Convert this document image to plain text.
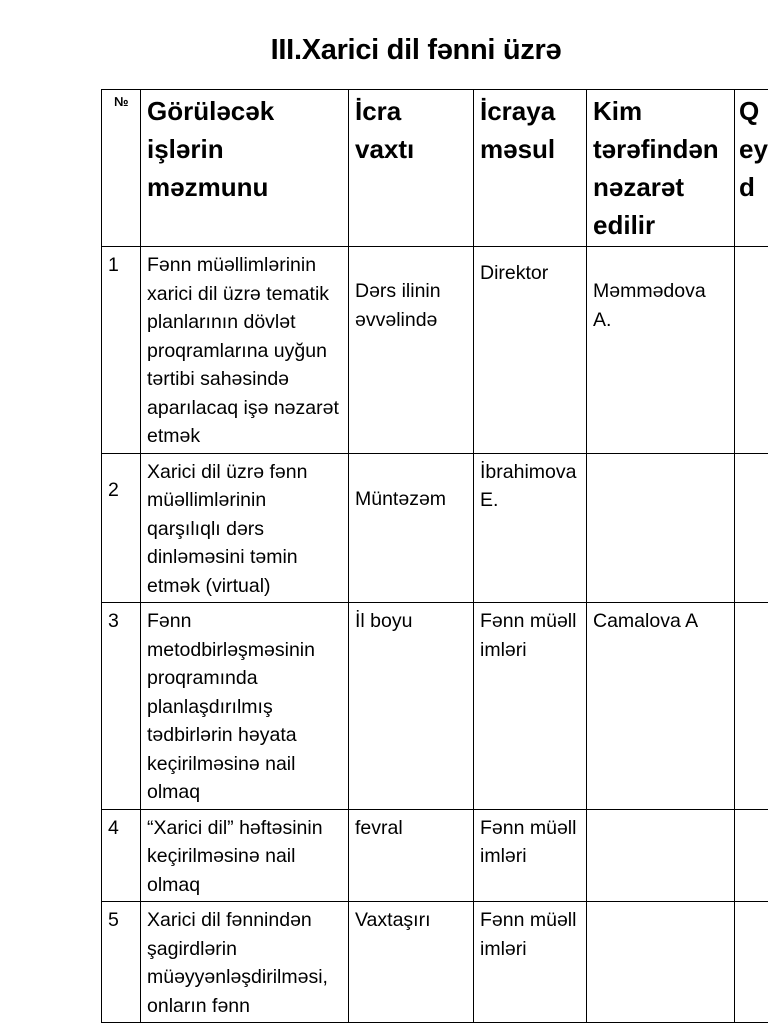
III.Xarici dil fənni üzrə
№	Görüləcək işlərin məzmunu	İcra vaxtı	İcraya məsul	Kim tərəfindən nəzarət edilir	Qeyd
1	Fənn müəllimlərinin xarici dil üzrə tematik planlarının dövlət proqramlarına uyğun tərtibi sahəsində aparılacaq işə nəzarət etmək	Dərs ilinin əvvəlində	Direktor	Məmmədova A.	
2	Xarici dil üzrə fənn müəllimlərinin qarşılıqlı dərs dinləməsini təmin etmək (virtual)	Müntəzəm	İbrahimova E.		
3	Fənn metodbirləşməsinin proqramında planlaşdırılmış tədbirlərin həyata keçirilməsinə nail olmaq	İl boyu	Fənn müəllimləri	Camalova A	
4	“Xarici dil” həftəsinin keçirilməsinə nail olmaq	fevral	Fənn müəllimləri		
5	Xarici dil fənnindən şagirdlərin müəyyənləşdirilməsi, onların fənn	Vaxtaşırı	Fənn müəllimləri		
